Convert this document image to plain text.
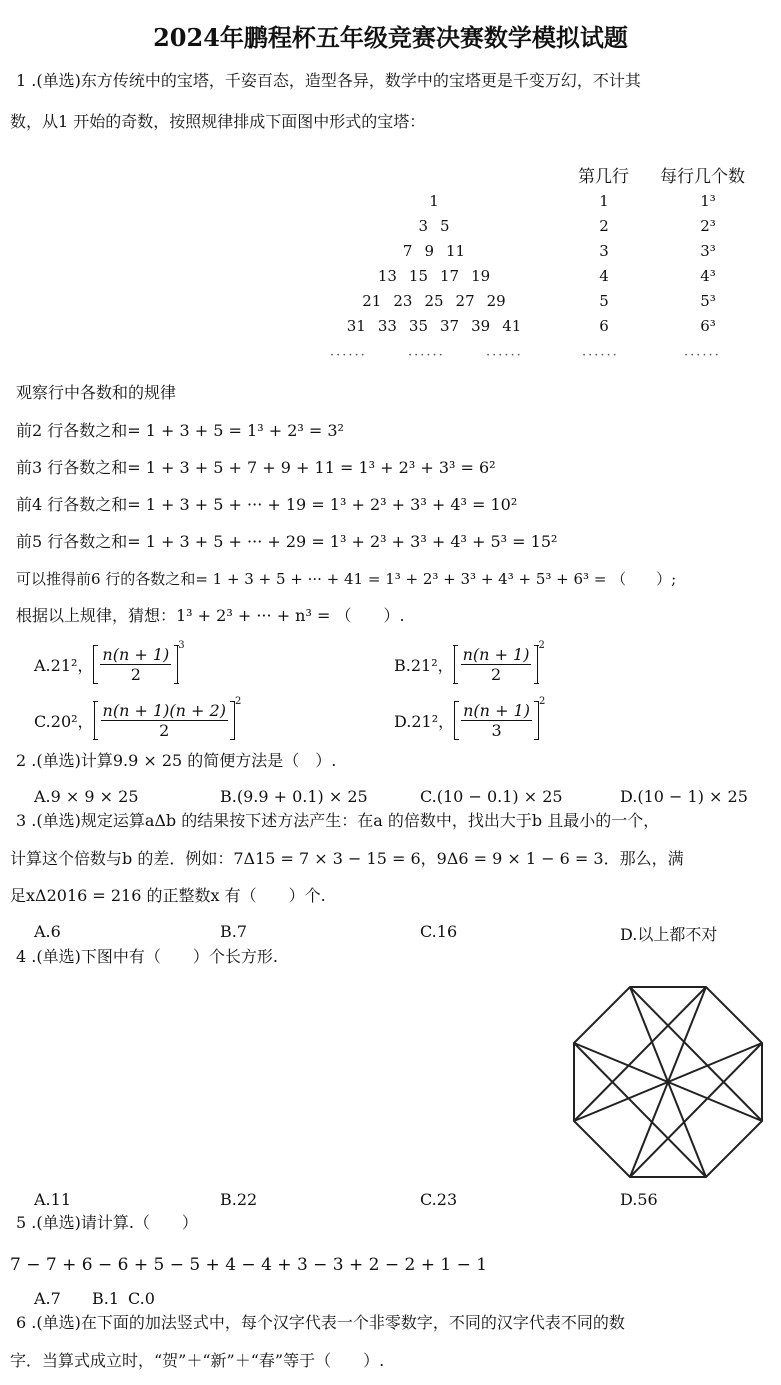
2024年鹏程杯五年级竞赛决赛数学模拟试题
1 .(单选)东方传统中的宝塔，千姿百态，造型各异，数学中的宝塔更是千变万幻，不计其
数，从1 开始的奇数，按照规律排成下面图中形式的宝塔：
第几行 每行几个数
1	1	1³
3 5	2	2³
7 9 11	3	3³
13 15 17 19	4	4³
21 23 25 27 29	5	5³
31 33 35 37 39 41	6	6³
······	······	······	······	······
观察行中各数和的规律
前2 行各数之和= 1 + 3 + 5 = 1³ + 2³ = 3²
前3 行各数之和= 1 + 3 + 5 + 7 + 9 + 11 = 1³ + 2³ + 3³ = 6²
前4 行各数之和= 1 + 3 + 5 + ··· + 19 = 1³ + 2³ + 3³ + 4³ = 10²
前5 行各数之和= 1 + 3 + 5 + ··· + 29 = 1³ + 2³ + 3³ + 4³ + 5³ = 15²
可以推得前6 行的各数之和= 1 + 3 + 5 + ··· + 41 = 1³ + 2³ + 3³ + 4³ + 5³ + 6³ = （　　）;
根据以上规律，猜想：1³ + 2³ + ··· + n³ = （　　）.
A.21²， $\frac{n(n + 1)}{2} ^3$
B.21²， $\frac{n(n + 1)}{2} ^2$
C.20²， $\frac{n(n + 1)(n + 2)}{2} ^2$
D.21²， $\frac{n(n + 1)}{3} ^2$
2 .(单选)计算9.9 × 25 的简便方法是（　）.
A.9 × 9 × 25	B.(9.9 + 0.1) × 25	C.(10 − 0.1) × 25	D.(10 − 1) × 25
3 .(单选)规定运算aΔb 的结果按下述方法产生：在a 的倍数中，找出大于b 且最小的一个，
计算这个倍数与b 的差．例如：7Δ15 = 7 × 3 − 15 = 6，9Δ6 = 9 × 1 − 6 = 3．那么，满
足xΔ2016 = 216 的正整数x 有（　　）个.
A.6	B.7	C.16	D.以上都不对
4 .(单选)下图中有（　　）个长方形.
A.11	B.22	C.23	D.56
5 .(单选)请计算.（　　）
7 − 7 + 6 − 6 + 5 − 5 + 4 − 4 + 3 − 3 + 2 − 2 + 1 − 1
A.7 B.1 C.0
6 .(单选)在下面的加法竖式中，每个汉字代表一个非零数字，不同的汉字代表不同的数
字．当算式成立时，“贺”＋“新”＋“春”等于（　　）.
